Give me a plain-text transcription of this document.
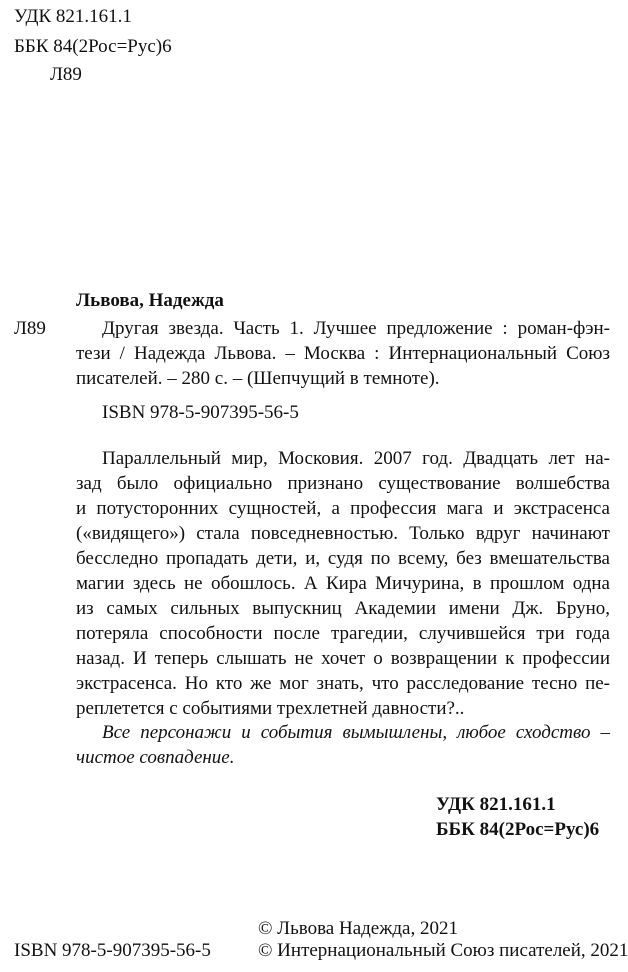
УДК 821.161.1
ББК 84(2Рос=Рус)6
Л89
Львова, Надежда
Л89	Другая звезда. Часть 1. Лучшее предложение : роман-фэн-
тези / Надежда Львова. – Москва : Интернациональный Союз
писателей. – 280 с. – (Шепчущий в темноте).
ISBN 978-5-907395-56-5
Параллельный мир, Московия. 2007 год. Двадцать лет на-
зад было официально признано существование волшебства
и потусторонних сущностей, а профессия мага и экстрасенса
(«видящего») стала повседневностью. Только вдруг начинают
бесследно пропадать дети, и, судя по всему, без вмешательства
магии здесь не обошлось. А Кира Мичурина, в прошлом одна
из самых сильных выпускниц Академии имени Дж. Бруно,
потеряла способности после трагедии, случившейся три года
назад. И теперь слышать не хочет о возвращении к профессии
экстрасенса. Но кто же мог знать, что расследование тесно пе-
реплетется с событиями трехлетней давности?..
Все персонажи и события вымышлены, любое сходство –
чистое совпадение.
УДК 821.161.1
ББК 84(2Рос=Рус)6
© Львова Надежда, 2021
ISBN 978-5-907395-56-5 © Интернациональный Союз писателей, 2021
